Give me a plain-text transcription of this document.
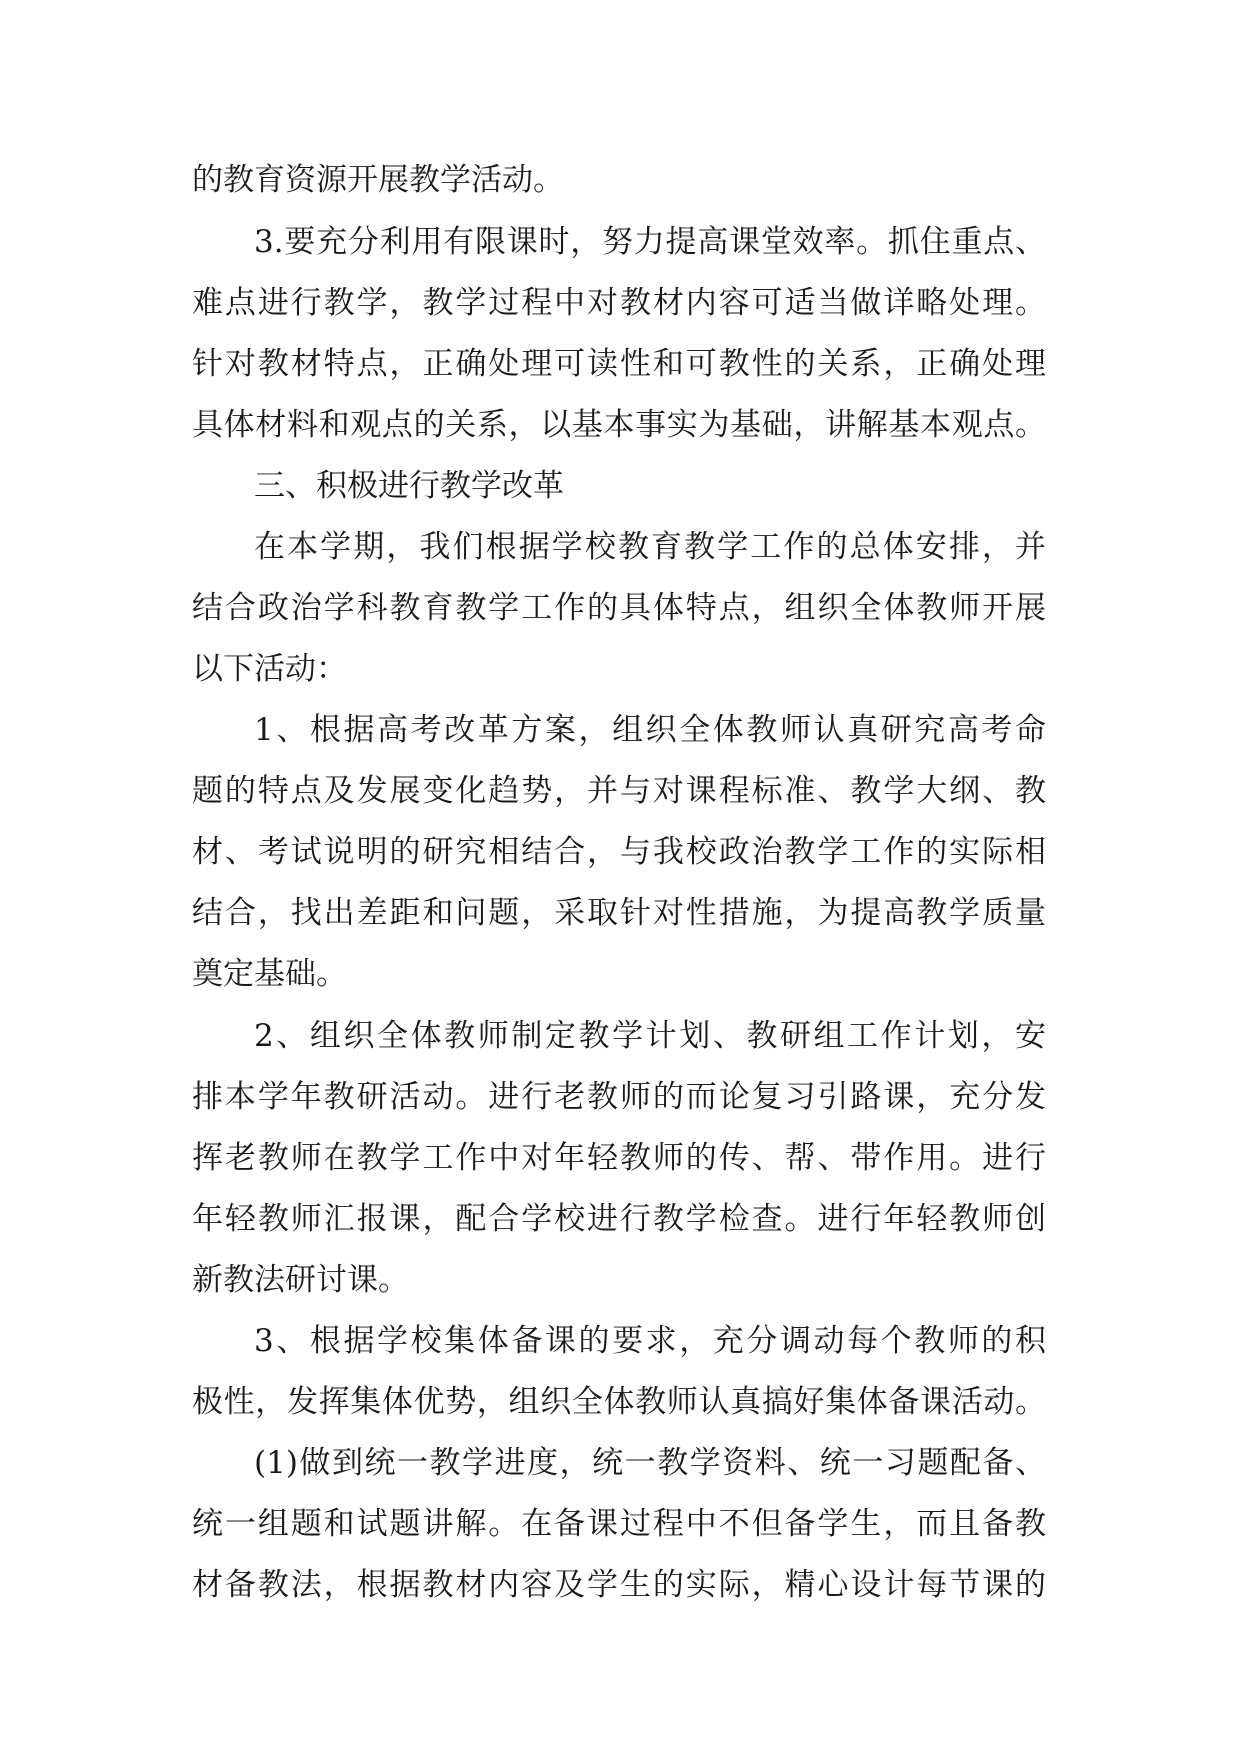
的教育资源开展教学活动。
3.要充分利用有限课时，努力提高课堂效率。抓住重点、
难点进行教学，教学过程中对教材内容可适当做详略处理。
针对教材特点，正确处理可读性和可教性的关系，正确处理
具体材料和观点的关系，以基本事实为基础，讲解基本观点。
三、积极进行教学改革
在本学期，我们根据学校教育教学工作的总体安排，并
结合政治学科教育教学工作的具体特点，组织全体教师开展
以下活动：
1、根据高考改革方案，组织全体教师认真研究高考命
题的特点及发展变化趋势，并与对课程标准、教学大纲、教
材、考试说明的研究相结合，与我校政治教学工作的实际相
结合，找出差距和问题，采取针对性措施，为提高教学质量
奠定基础。
2、组织全体教师制定教学计划、教研组工作计划，安
排本学年教研活动。进行老教师的而论复习引路课，充分发
挥老教师在教学工作中对年轻教师的传、帮、带作用。进行
年轻教师汇报课，配合学校进行教学检查。进行年轻教师创
新教法研讨课。
3、根据学校集体备课的要求，充分调动每个教师的积
极性，发挥集体优势，组织全体教师认真搞好集体备课活动。
(1)做到统一教学进度，统一教学资料、统一习题配备、
统一组题和试题讲解。在备课过程中不但备学生，而且备教
材备教法，根据教材内容及学生的实际，精心设计每节课的
